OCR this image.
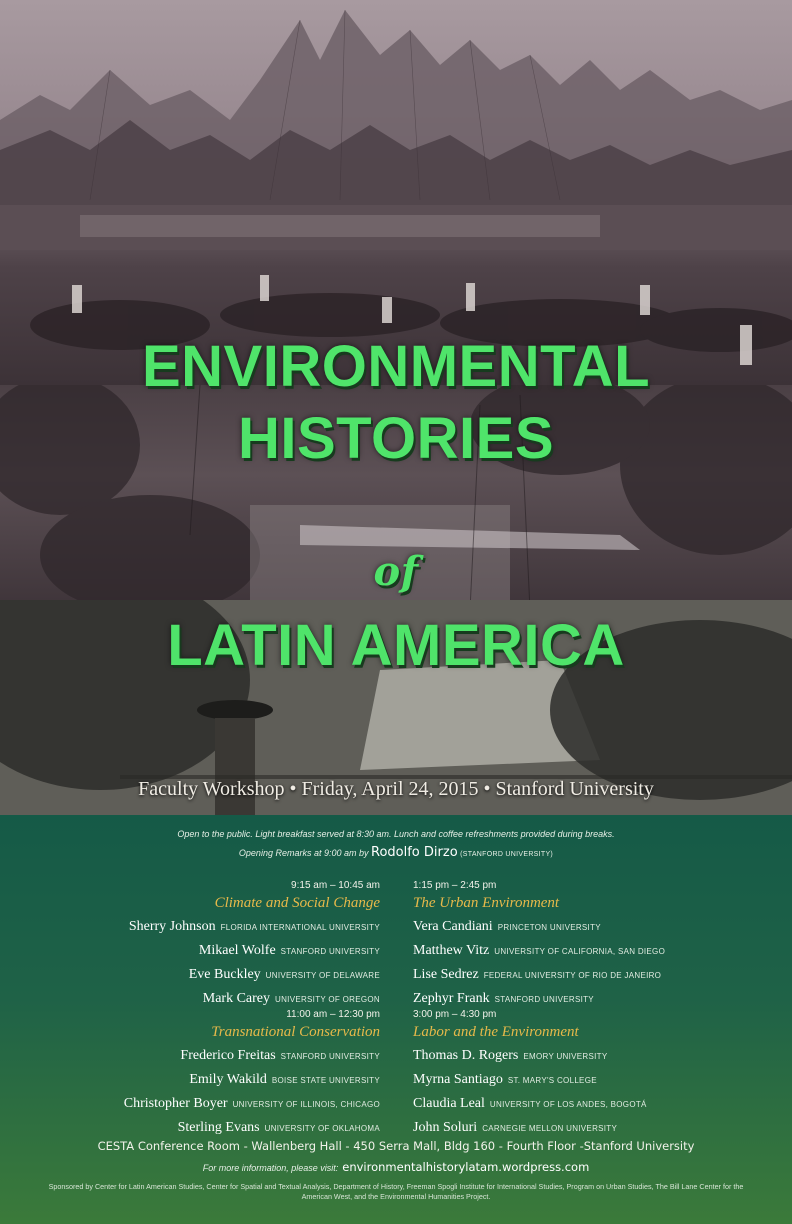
ENVIRONMENTAL
HISTORIES
of
LATIN AMERICA

Faculty Workshop • Friday, April 24, 2015 • Stanford University

Open to the public. Light breakfast served at 8:30 am. Lunch and coffee refreshments provided during breaks.

Opening Remarks at 9:00 am by Rodolfo Dirzo (STANFORD UNIVERSITY)

9:15 am – 10:45 am
Climate and Social Change
Sherry Johnson FLORIDA INTERNATIONAL UNIVERSITY
Mikael Wolfe STANFORD UNIVERSITY
Eve Buckley UNIVERSITY OF DELAWARE
Mark Carey UNIVERSITY OF OREGON
1:15 pm – 2:45 pm
The Urban Environment
Vera Candiani PRINCETON UNIVERSITY
Matthew Vitz UNIVERSITY OF CALIFORNIA, SAN DIEGO
Lise Sedrez FEDERAL UNIVERSITY OF RIO DE JANEIRO
Zephyr Frank STANFORD UNIVERSITY
11:00 am – 12:30 pm
Transnational Conservation
Frederico Freitas STANFORD UNIVERSITY
Emily Wakild BOISE STATE UNIVERSITY
Christopher Boyer UNIVERSITY OF ILLINOIS, CHICAGO
Sterling Evans UNIVERSITY OF OKLAHOMA
3:00 pm – 4:30 pm
Labor and the Environment
Thomas D. Rogers EMORY UNIVERSITY
Myrna Santiago ST. MARY'S COLLEGE
Claudia Leal UNIVERSITY OF LOS ANDES, BOGOTÁ
John Soluri CARNEGIE MELLON UNIVERSITY

CESTA Conference Room - Wallenberg Hall - 450 Serra Mall, Bldg 160 - Fourth Floor -Stanford University

For more information, please visit: environmentalhistorylatam.wordpress.com

Sponsored by Center for Latin American Studies, Center for Spatial and Textual Analysis, Department of History, Freeman Spogli Institute for International Studies, Program on Urban Studies, The Bill Lane Center for the American West, and the Environmental Humanities Project.
